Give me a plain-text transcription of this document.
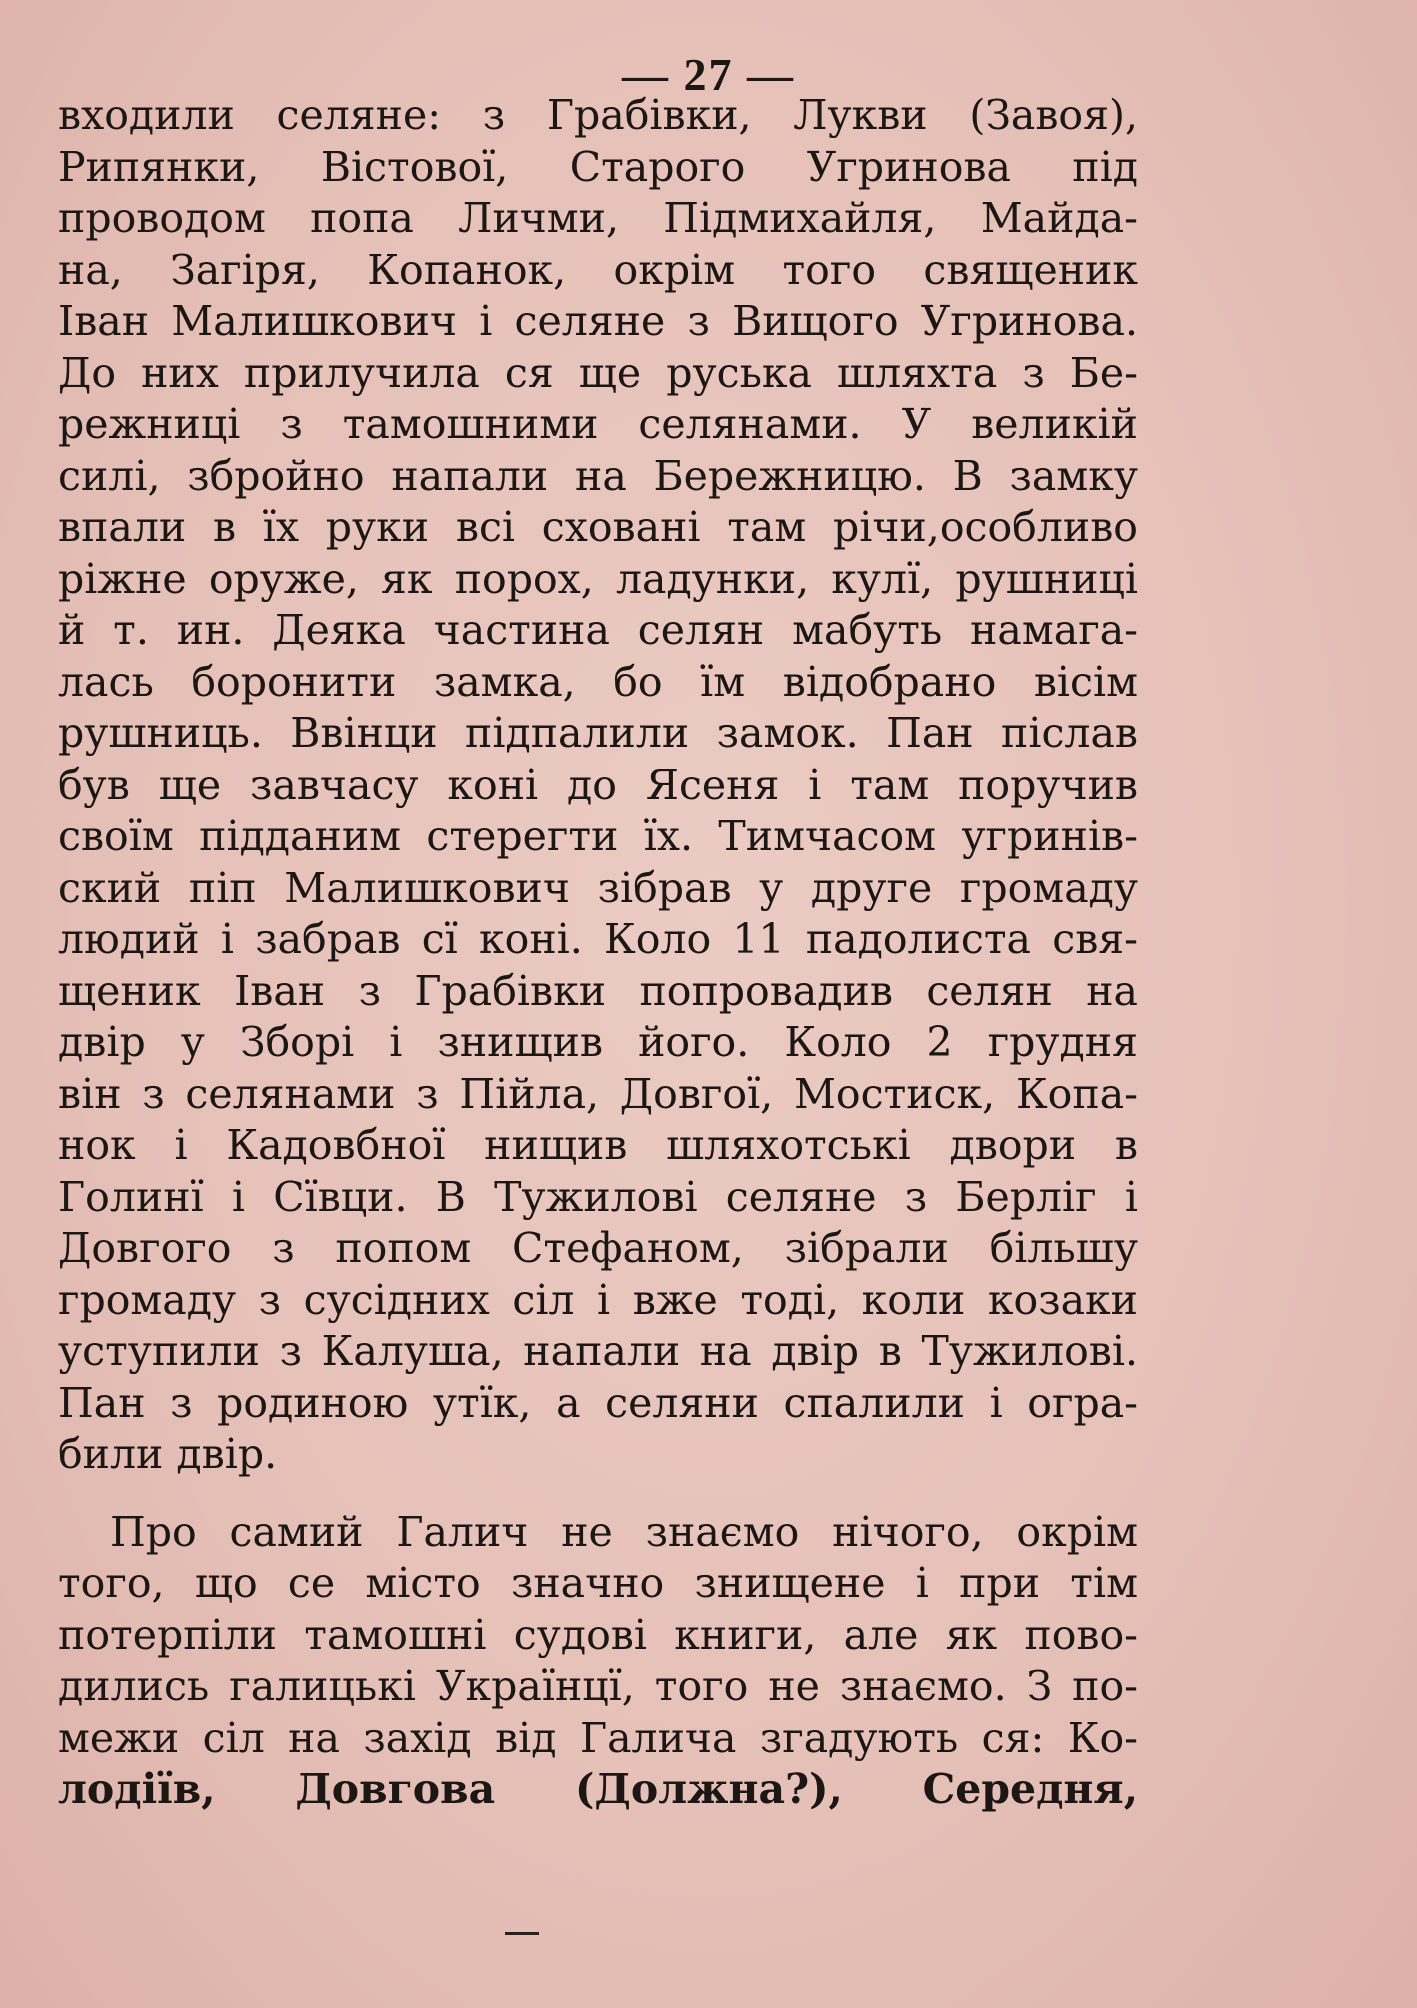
— 27 —
входили селяне: з Грабівки, Лукви (Завоя),
Рипянки, Вістової, Старого Угринова під
проводом попа Личми, Підмихайля, Майда-
на, Загіря, Копанок, окрім того священик
Іван Малишкович і селяне з Вищого Угринова.
До них прилучила ся ще руська шляхта з Бе-
режниці з тамошними селянами. У великій
силі, збройно напали на Бережницю. В замку
впали в їх руки всі сховані там річи,особливо
ріжне оруже, як порох, ладунки, кулї, рушниці
й т. ин. Деяка частина селян мабуть намага-
лась боронити замка, бо їм відобрано вісім
рушниць. Ввінци підпалили замок. Пан післав
був ще завчасу коні до Ясеня і там поручив
своїм підданим стерегти їх. Тимчасом угринів-
ский піп Малишкович зібрав у друге громаду
людий і забрав сї коні. Коло 11 падолиста свя-
щеник Іван з Грабівки попровадив селян на
двір у Зборі і знищив його. Коло 2 грудня
він з селянами з Пійла, Довгої, Мостиск, Копа-
нок і Кадовбної нищив шляхотські двори в
Голинї і Сївци. В Тужилові селяне з Берліг і
Довгого з попом Стефаном, зібрали більшу
громаду з сусідних сіл і вже тоді, коли козаки
уступили з Калуша, напали на двір в Тужилові.
Пан з родиною утїк, а селяни спалили і огра-
били двір.
Про самий Галич не знаємо нічого, окрім
того, що се місто значно знищене і при тім
потерпіли тамошні судові книги, але як пово-
дились галицькі Українцї, того не знаємо. З по-
межи сіл на захід від Галича згадують ся: Ко-
лодіїв, Довгова (Должна?), Середня,
